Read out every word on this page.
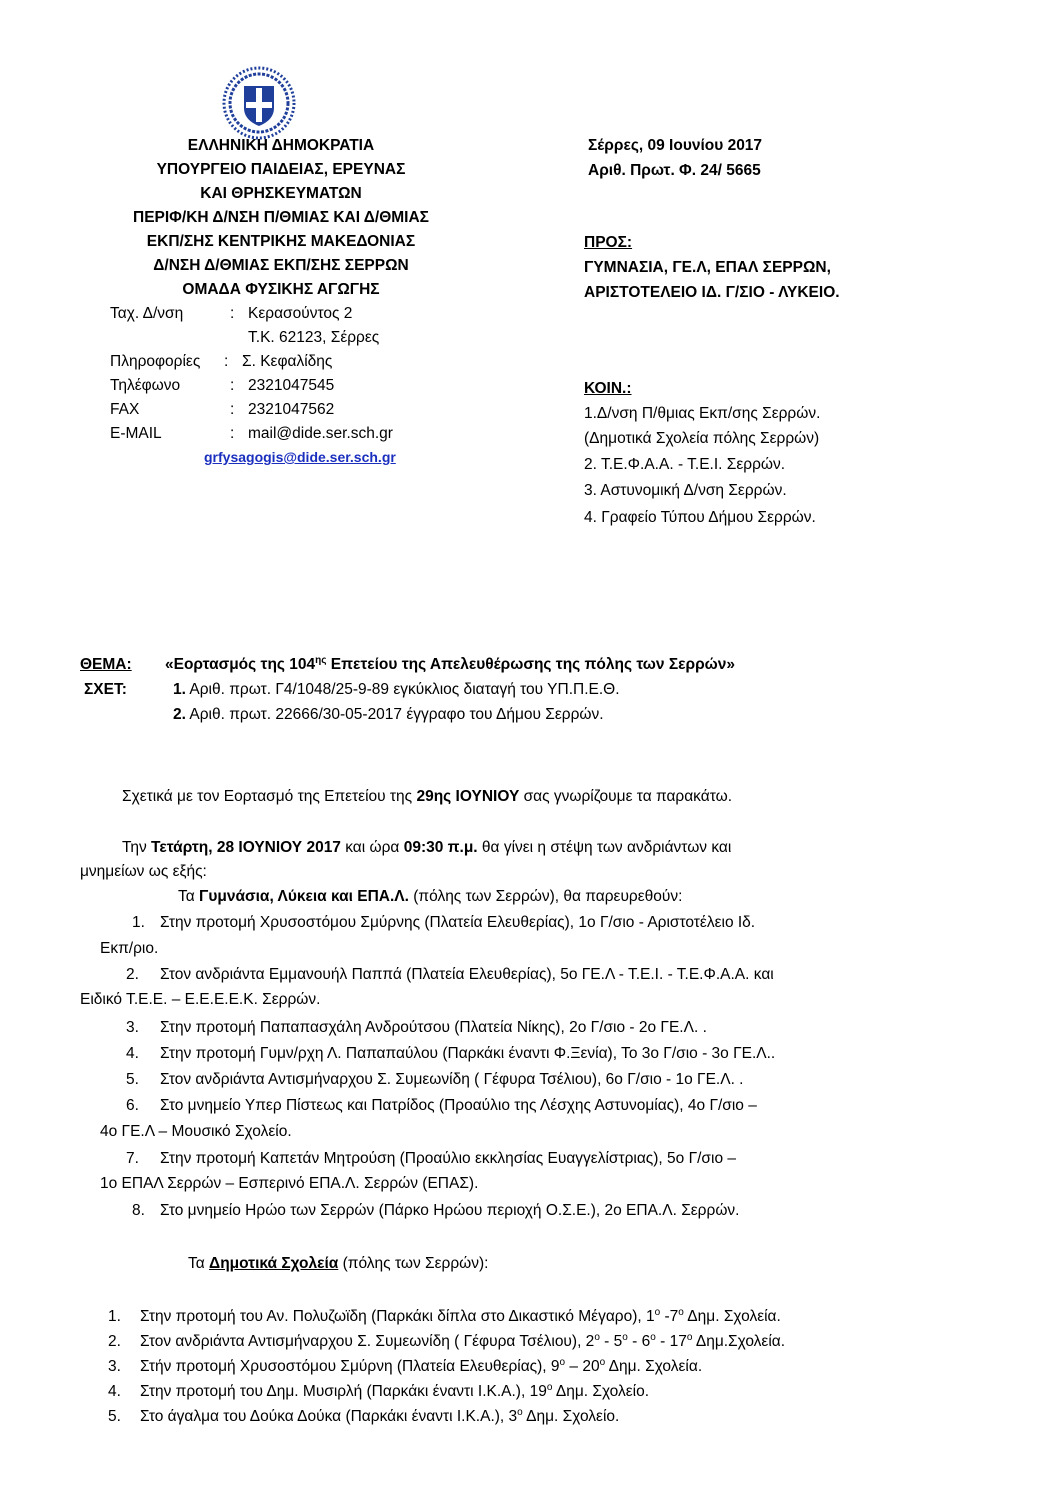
ΕΛΛΗΝΙΚΗ ΔΗΜΟΚΡΑΤΙΑ
ΥΠΟΥΡΓΕΙΟ ΠΑΙΔΕΙΑΣ, ΕΡΕΥΝΑΣ
ΚΑΙ ΘΡΗΣΚΕΥΜΑΤΩΝ
ΠΕΡΙΦ/ΚΗ Δ/ΝΣΗ Π/ΘΜΙΑΣ ΚΑΙ Δ/ΘΜΙΑΣ
ΕΚΠ/ΣΗΣ ΚΕΝΤΡΙΚΗΣ ΜΑΚΕΔΟΝΙΑΣ
Δ/ΝΣΗ Δ/ΘΜΙΑΣ ΕΚΠ/ΣΗΣ ΣΕΡΡΩΝ
ΟΜΑΔΑ ΦΥΣΙΚΗΣ ΑΓΩΓΗΣ
Ταχ. Δ/νση	: Κερασούντος 2
Τ.Κ. 62123, Σέρρες
Πληροφορίες : Σ. Κεφαλίδης
Τηλέφωνο	: 2321047545
FAX	: 2321047562
E-MAIL	: mail@dide.ser.sch.gr
grfysagogis@dide.ser.sch.gr
Σέρρες, 09 Ιουνίου 2017
Αριθ. Πρωτ. Φ. 24/ 5665
ΠΡΟΣ:
ΓΥΜΝΑΣΙΑ, ΓΕ.Λ, ΕΠΑΛ ΣΕΡΡΩΝ,
ΑΡΙΣΤΟΤΕΛΕΙΟ ΙΔ. Γ/ΣΙΟ - ΛΥΚΕΙΟ.
ΚΟΙΝ.:
1.Δ/νση Π/θμιας Εκπ/σης Σερρών.
(Δημοτικά Σχολεία πόλης Σερρών)
2. Τ.Ε.Φ.Α.Α. - Τ.Ε.Ι. Σερρών.
3. Αστυνομική Δ/νση Σερρών.
4. Γραφείο Τύπου Δήμου Σερρών.
ΘΕΜΑ: «Εορτασμός της $104^{\eta\varsigma}$ Επετείου της Απελευθέρωσης της πόλης των Σερρών»
ΣΧΕΤ:	1. Αριθ. πρωτ. Γ4/1048/25-9-89 εγκύκλιος διαταγή του ΥΠ.Π.Ε.Θ.
2. Αριθ. πρωτ. 22666/30-05-2017 έγγραφο του Δήμου Σερρών.
Σχετικά με τον Εορτασμό της Επετείου της 29ης ΙΟΥΝΙΟΥ σας γνωρίζουμε τα παρακάτω.
Την Τετάρτη, 28 ΙΟΥΝΙΟΥ 2017 και ώρα 09:30 π.μ. θα γίνει η στέψη των ανδριάντων και
μνημείων ως εξής:
Τα Γυμνάσια, Λύκεια και ΕΠΑ.Λ. (πόλης των Σερρών), θα παρευρεθούν:
1. Στην προτομή Χρυσοστόμου Σμύρνης (Πλατεία Ελευθερίας), 1ο Γ/σιο - Αριστοτέλειο Ιδ.
Εκπ/ριο.
2. Στον ανδριάντα Εμμανουήλ Παππά (Πλατεία Ελευθερίας), 5ο ΓΕ.Λ - Τ.Ε.Ι. - Τ.Ε.Φ.Α.Α. και
Ειδικό Τ.Ε.Ε. – Ε.Ε.Ε.Ε.Κ. Σερρών.
3. Στην προτομή Παπαπασχάλη Ανδρούτσου (Πλατεία Νίκης), 2ο Γ/σιο - 2ο ΓΕ.Λ. .
4. Στην προτομή Γυμν/ρχη Λ. Παπαπαύλου (Παρκάκι έναντι Φ.Ξενία), Το 3ο Γ/σιο - 3ο ΓΕ.Λ..
5. Στον ανδριάντα Αντισμήναρχου Σ. Συμεωνίδη ( Γέφυρα Τσέλιου), 6ο Γ/σιο - 1ο ΓΕ.Λ. .
6. Στο μνημείο Υπερ Πίστεως και Πατρίδος (Προαύλιο της Λέσχης Αστυνομίας), 4ο Γ/σιο –
4ο ΓΕ.Λ – Μουσικό Σχολείο.
7. Στην προτομή Καπετάν Μητρούση (Προαύλιο εκκλησίας Ευαγγελίστριας), 5ο Γ/σιο –
1ο ΕΠΑΛ Σερρών – Εσπερινό ΕΠΑ.Λ. Σερρών (ΕΠΑΣ).
8. Στο μνημείο Ηρώο των Σερρών (Πάρκο Ηρώου περιοχή Ο.Σ.Ε.), 2ο ΕΠΑ.Λ. Σερρών.
Τα Δημοτικά Σχολεία (πόλης των Σερρών):
1. Στην προτομή του Αν. Πολυζωϊδη (Παρκάκι δίπλα στο Δικαστικό Μέγαρο), $1^o$ $-7^o$ Δημ. Σχολεία.
2. Στον ανδριάντα Αντισμήναρχου Σ. Συμεωνίδη ( Γέφυρα Τσέλιου), $2^o - 5^o - 6^o - 17^o$ Δημ.Σχολεία.
3. Στήν προτομή Χρυσοστόμου Σμύρνη (Πλατεία Ελευθερίας), $9^o - 20^o$ Δημ. Σχολεία.
4. Στην προτομή του Δημ. Μυσιρλή (Παρκάκι έναντι Ι.Κ.Α.), $19^o$ Δημ. Σχολείο.
5. Στο άγαλμα του Δούκα Δούκα (Παρκάκι έναντι Ι.Κ.Α.), $3^o$ Δημ. Σχολείο.
